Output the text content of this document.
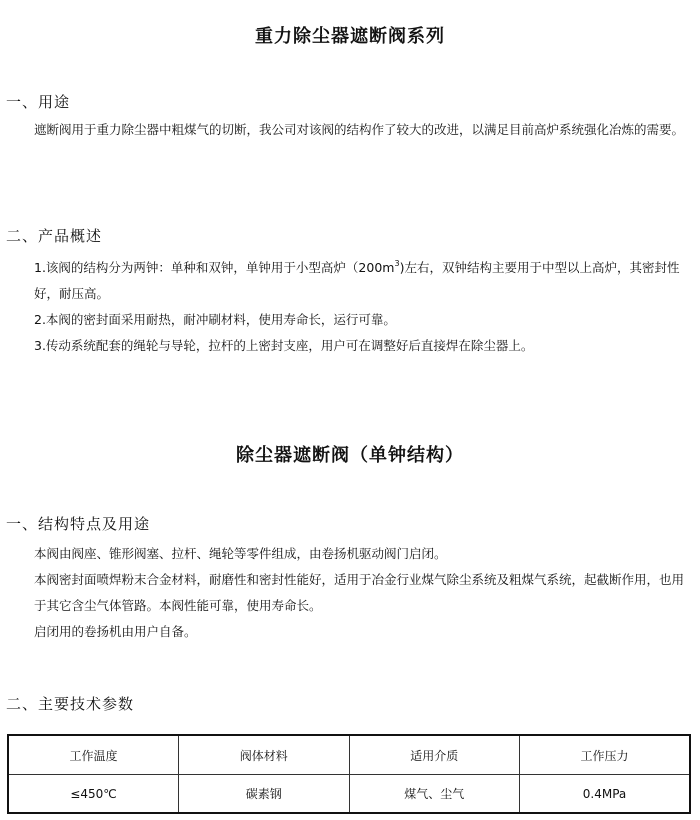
重力除尘器遮断阀系列
一、用途

遮断阀用于重力除尘器中粗煤气的切断，我公司对该阀的结构作了较大的改进，以满足目前高炉系统强化冶炼的需要。

二、产品概述

1.该阀的结构分为两钟：单种和双钟，单钟用于小型高炉$(200m^3)$左右，双钟结构主要用于中型以上高炉，其密封性好，耐压高。

2.本阀的密封面采用耐热，耐冲刷材料，使用寿命长，运行可靠。

3.传动系统配套的绳轮与导轮，拉杆的上密封支座，用户可在调整好后直接焊在除尘器上。

除尘器遮断阀（单钟结构）
一、结构特点及用途

本阀由阀座、锥形阀塞、拉杆、绳轮等零件组成，由卷扬机驱动阀门启闭。

本阀密封面喷焊粉末合金材料，耐磨性和密封性能好，适用于冶金行业煤气除尘系统及粗煤气系统，起截断作用，也用于其它含尘气体管路。本阀性能可靠，使用寿命长。

启闭用的卷扬机由用户自备。

二、主要技术参数
工作温度	阀体材料	适用介质	工作压力
≤450℃	碳素钢	煤气、尘气	0.4MPa
